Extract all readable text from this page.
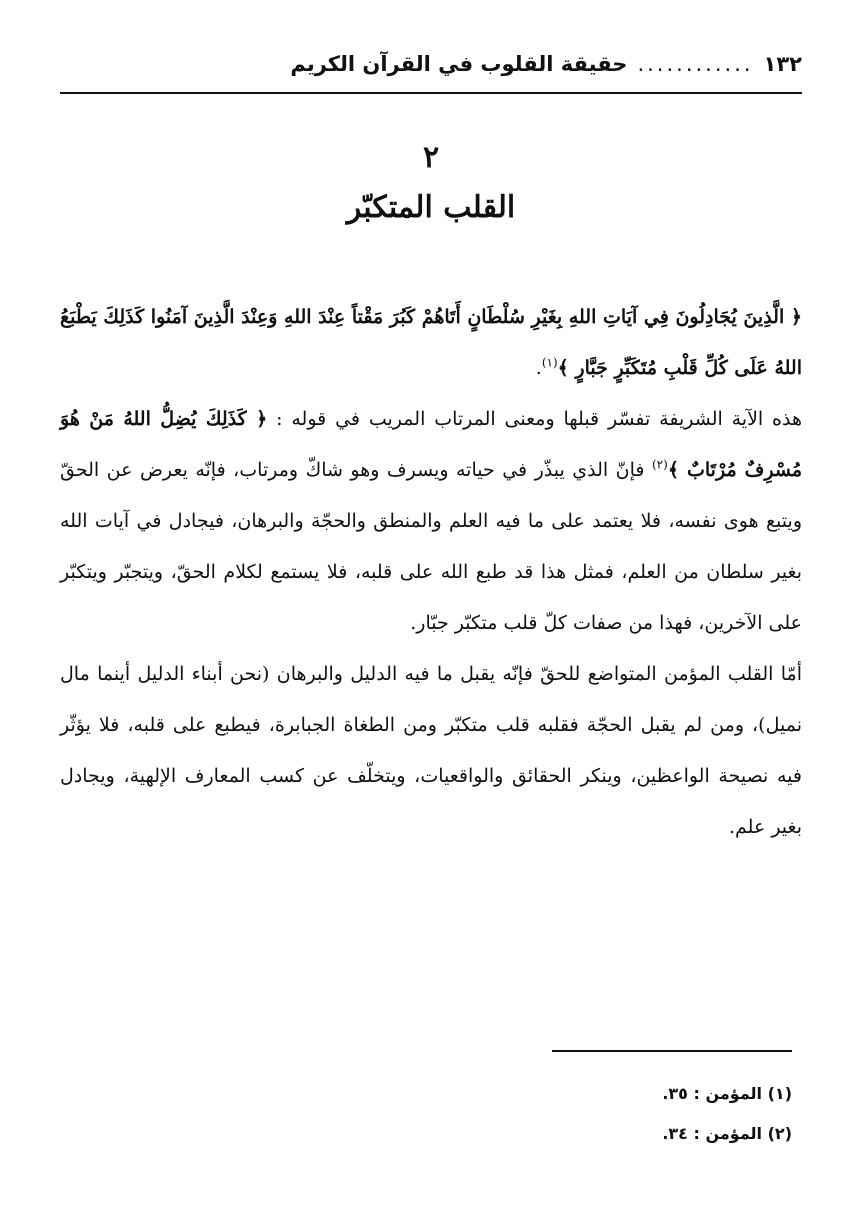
١٣٢
............
حقيقة القلوب في القرآن الكريم
٢
القلب المتكبّر

﴿ الَّذِينَ يُجَادِلُونَ فِي آيَاتِ اللهِ بِغَيْرِ سُلْطَانٍ أَتَاهُمْ كَبُرَ مَقْتاً عِنْدَ اللهِ وَعِنْدَ الَّذِينَ آمَنُوا كَذَلِكَ يَطْبَعُ اللهُ عَلَى كُلِّ قَلْبِ مُتَكَبِّرٍ جَبَّارٍ ﴾$^{(١)}$.

هذه الآية الشريفة تفسّر قبلها ومعنى المرتاب المريب في قوله : ﴿ كَذَلِكَ يُضِلُّ اللهُ مَنْ هُوَ مُسْرِفٌ مُرْتَابٌ ﴾$^{(٢)}$ فإنّ الذي يبذّر في حياته ويسرف وهو شاكّ ومرتاب، فإنّه يعرض عن الحقّ ويتبع هوى نفسه، فلا يعتمد على ما فيه العلم والمنطق والحجّة والبرهان، فيجادل في آيات الله بغير سلطان من العلم، فمثل هذا قد طبع الله على قلبه، فلا يستمع لكلام الحقّ، ويتجبّر ويتكبّر على الآخرين، فهذا من صفات كلّ قلب متكبّر جبّار.

أمّا القلب المؤمن المتواضع للحقّ فإنّه يقبل ما فيه الدليل والبرهان (نحن أبناء الدليل أينما مال نميل)، ومن لم يقبل الحجّة فقلبه قلب متكبّر ومن الطغاة الجبابرة، فيطبع على قلبه، فلا يؤثّر فيه نصيحة الواعظين، وينكر الحقائق والواقعيات، ويتخلّف عن كسب المعارف الإلهية، ويجادل بغير علم.

(١) المؤمن : ٣٥.
(٢) المؤمن : ٣٤.
